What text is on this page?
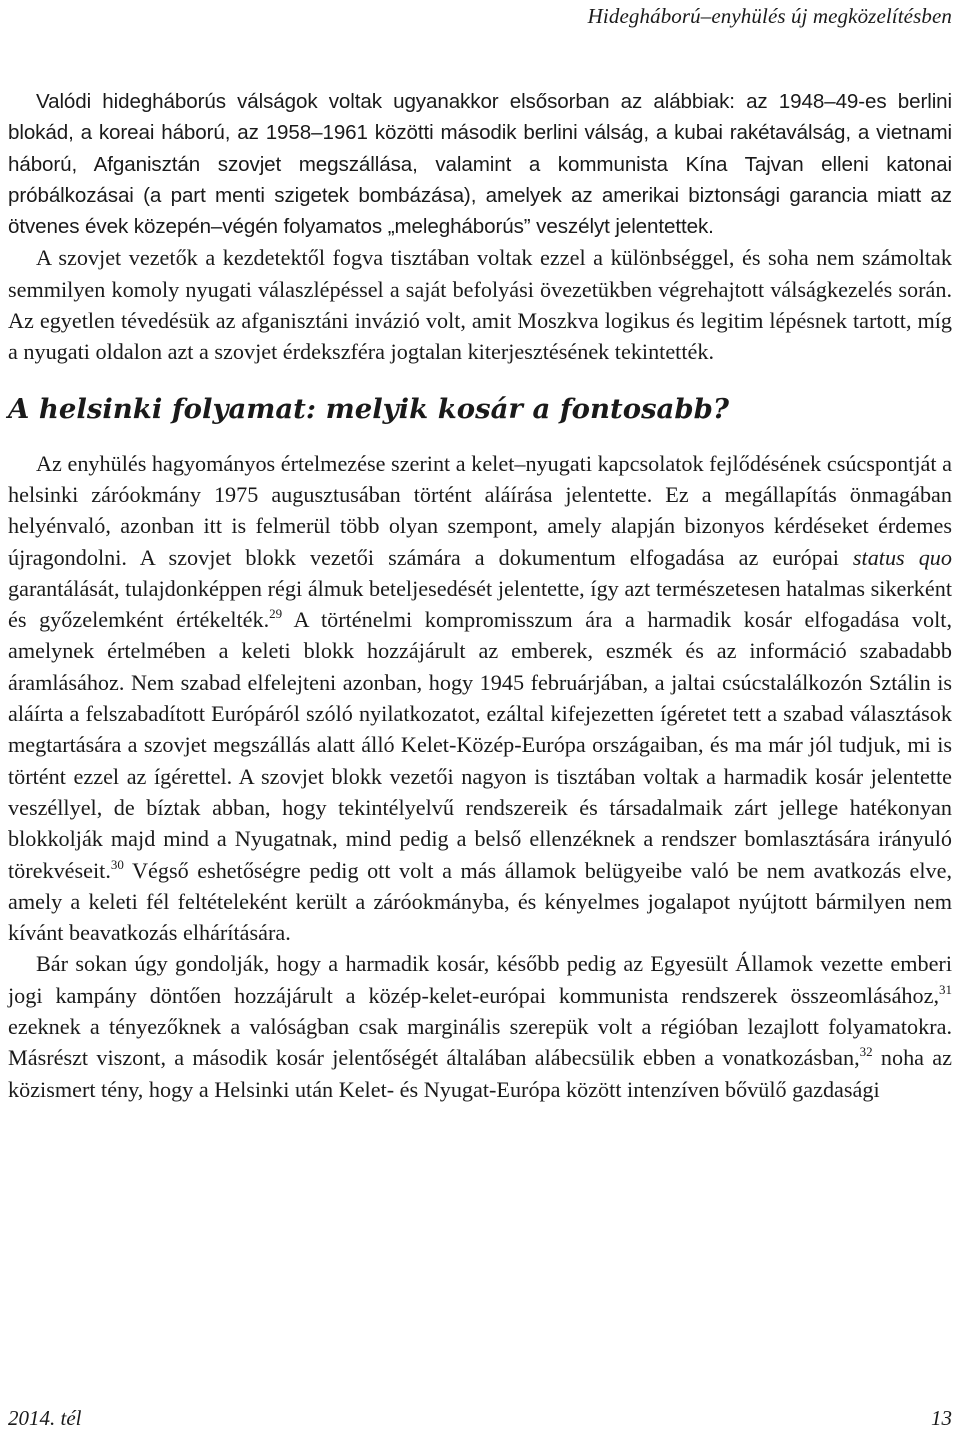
Hidegháború–enyhülés új megközelítésben

Valódi hidegháborús válságok voltak ugyanakkor elsősorban az alábbiak: az 1948–49-es berlini blokád, a koreai háború, az 1958–1961 közötti második berlini válság, a kubai rakétaválság, a vietnami háború, Afganisztán szovjet megszállása, valamint a kommunista Kína Tajvan elleni katonai próbálkozásai (a part menti szigetek bombázása), amelyek az amerikai biztonsági garancia miatt az ötvenes évek közepén–végén folyamatos „melegháborús” veszélyt jelentettek.

A szovjet vezetők a kezdetektől fogva tisztában voltak ezzel a különbséggel, és soha nem számoltak semmilyen komoly nyugati válaszlépéssel a saját befolyási övezetükben végrehajtott válságkezelés során. Az egyetlen tévedésük az afganisztáni invázió volt, amit Moszkva logikus és legitim lépésnek tartott, míg a nyugati oldalon azt a szovjet érdekszféra jogtalan kiterjesztésének tekintették.

A helsinki folyamat: melyik kosár a fontosabb?

Az enyhülés hagyományos értelmezése szerint a kelet–nyugati kapcsolatok fejlődésének csúcspontját a helsinki záróokmány 1975 augusztusában történt aláírása jelentette. Ez a megállapítás önmagában helyénvaló, azonban itt is felmerül több olyan szempont, amely alapján bizonyos kérdéseket érdemes újragondolni. A szovjet blokk vezetői számára a dokumentum elfogadása az európai status quo garantálását, tulajdonképpen régi álmuk beteljesedését jelentette, így azt természetesen hatalmas sikerként és győzelemként értékelték.$^{29}$ A történelmi kompromisszum ára a harmadik kosár elfogadása volt, amelynek értelmében a keleti blokk hozzájárult az emberek, eszmék és az információ szabadabb áramlásához. Nem szabad elfelejteni azonban, hogy 1945 februárjában, a jaltai csúcstalálkozón Sztálin is aláírta a felszabadított Európáról szóló nyilatkozatot, ezáltal kifejezetten ígéretet tett a szabad választások megtartására a szovjet megszállás alatt álló Kelet-Közép-Európa országaiban, és ma már jól tudjuk, mi is történt ezzel az ígérettel. A szovjet blokk vezetői nagyon is tisztában voltak a harmadik kosár jelentette veszéllyel, de bíztak abban, hogy tekintélyelvű rendszereik és társadalmaik zárt jellege hatékonyan blokkolják majd mind a Nyugatnak, mind pedig a belső ellenzéknek a rendszer bomlasztására irányuló törekvéseit.$^{30}$ Végső eshetőségre pedig ott volt a más államok belügyeibe való be nem avatkozás elve, amely a keleti fél feltételeként került a záróokmányba, és kényelmes jogalapot nyújtott bármilyen nem kívánt beavatkozás elhárítására.

Bár sokan úgy gondolják, hogy a harmadik kosár, később pedig az Egyesült Államok vezette emberi jogi kampány döntően hozzájárult a közép-kelet-európai kommunista rendszerek összeomlásához,$^{31}$ ezeknek a tényezőknek a valóságban csak marginális szerepük volt a régióban lezajlott folyamatokra. Másrészt viszont, a második kosár jelentőségét általában alábecsülik ebben a vonatkozásban,$^{32}$ noha az közismert tény, hogy a Helsinki után Kelet- és Nyugat-Európa között intenzíven bővülő gazdasági

2014. tél	13
